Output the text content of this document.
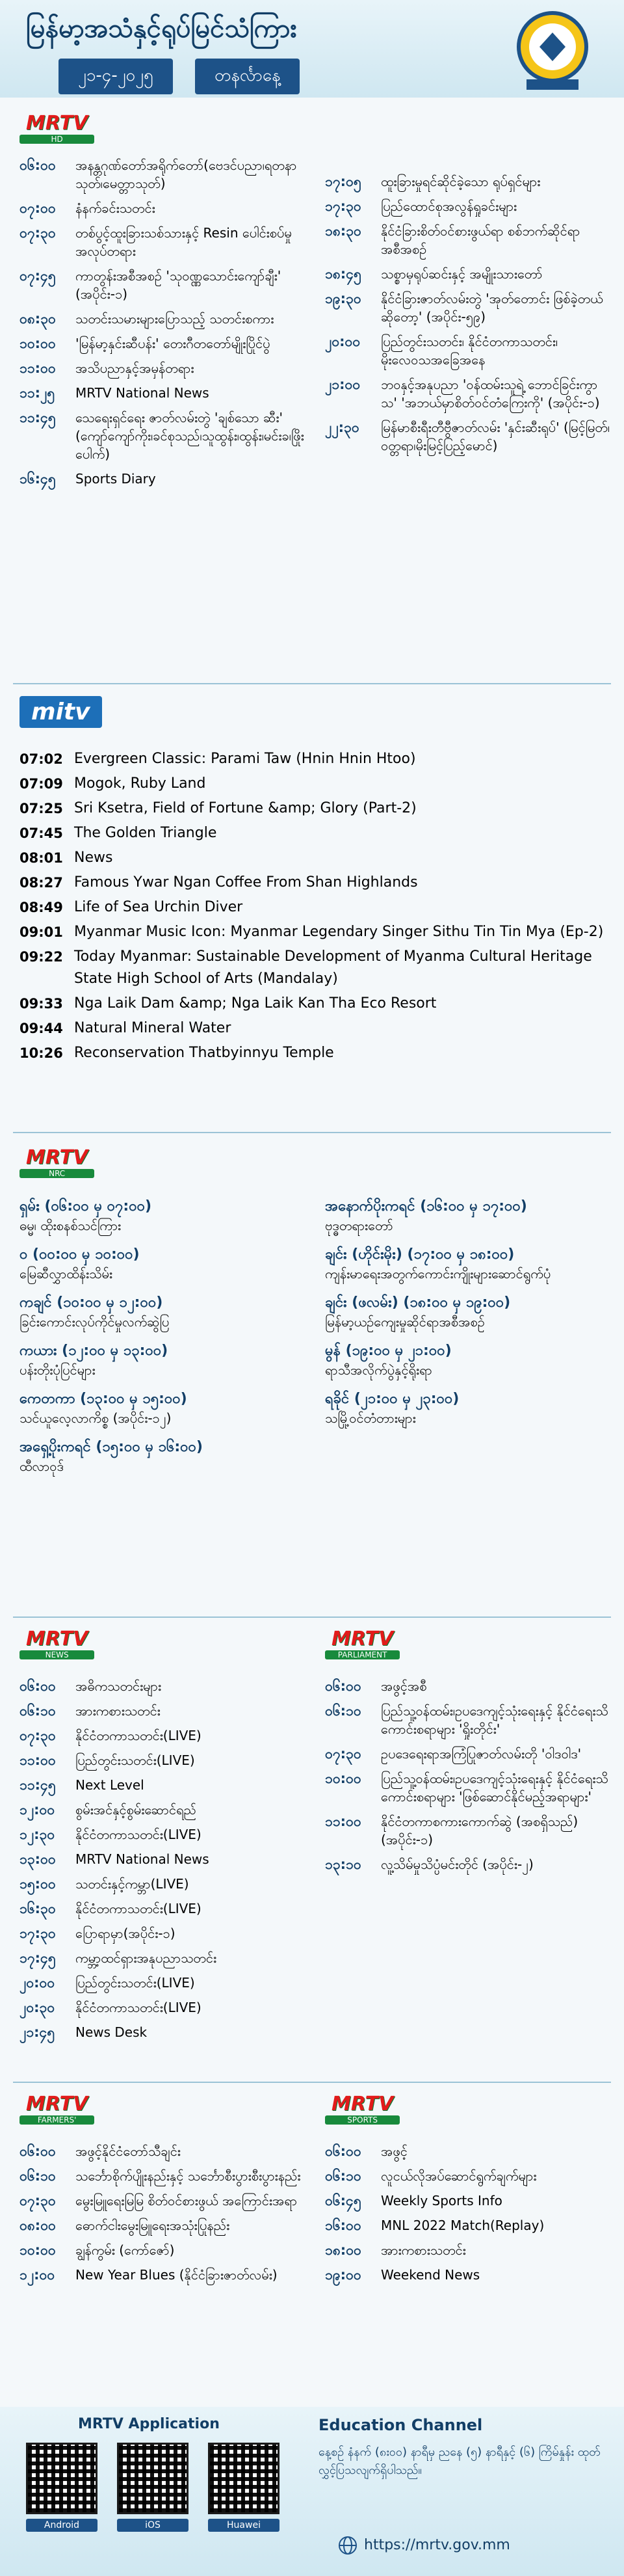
မြန်မာ့အသံနှင့်ရုပ်မြင်သံကြား
၂၁-၄-၂၀၂၅	တနင်္လာနေ့
MRTV
HD
၀၆:၀၀	အနန္တဂုဏ်တော်အရိုက်တော်(ဗေဒင်ပညာ၊ရတနာသုတ်၊မေတ္တာသုတ်)
၀၇:၀၀	နံနက်ခင်းသတင်း
၀၇:၃၀	တစ်ပွင့်ထူးခြားသစ်သားနှင့် Resin ပေါင်းစပ်မှုအလုပ်တရား
၀၇:၄၅	ကာတွန်းအစီအစဉ် 'သုဝဏ္ဏသောင်းကျော်ချီး' (အပိုင်း-၁)
၀၈:၃၀	သတင်းသမားများပြောသည့် သတင်းစကား
၁၀:၀၀	'မြန်မာ့နှင်းဆီပန်း' တေးဂီတတော်မျိုးပြိုင်ပွဲ
၁၁:၀၀	အသိပညာနှင့်အမှန်တရား
၁၁:၂၅	MRTV National News
၁၁:၄၅	သေရေးရှင်ရေး ဇာတ်လမ်းတွဲ 'ချစ်သော ဆီး' (ကျော်ကျော်ကိုး၊ခင်စုသည်၊သူထွန်း၊ထွန်း၊မင်းခ၊ဖြိုးပေါက်)
၁၆:၄၅	Sports Diary
၁၇:၀၅	ထူးခြားမှုရင်ဆိုင်ခဲ့သော ရုပ်ရှင်များ
၁၇:၃၀	ပြည်ထောင်စုအလွန်ရှုခင်းများ
၁၈:၃၀	နိုင်ငံခြားစိတ်ဝင်စားဖွယ်ရာ စစ်ဘက်ဆိုင်ရာ အစီအစဉ်
၁၈:၄၅	သစ္စာမှရုပ်ဆင်းနှင့် အမျိုးသားတော်
၁၉:၃၀	နိုင်ငံခြားဇာတ်လမ်းတွဲ 'အုတ်တောင်း ဖြစ်ခဲ့တယ်ဆိုတော့' (အပိုင်း-၅၉)
၂၀:၀၀	ပြည်တွင်းသတင်း၊ နိုင်ငံတကာသတင်း၊ မိုးလေဝသအခြေအနေ
၂၁:၀၀	ဘဝနှင့်အနုပညာ 'ဝန်ထမ်းသူရဲ့ ဘောင်ခြင်းကွာသ' 'အဘယ်မှာစိတ်ဝင်တံကြေးကို' (အပိုင်း-၁)
၂၂:၃၀	မြန်မာစီးရီးတီဗွီဇာတ်လမ်း 'နှင်းဆီးရုပ်' (မြင့်မြတ်၊ဝတ္တရာ၊မိုးမြင့်ပြည့်မောင်)
mitv
07:02 Evergreen Classic: Parami Taw (Hnin Hnin Htoo)
07:09 Mogok, Ruby Land
07:25 Sri Ksetra, Field of Fortune &amp; Glory (Part-2)
07:45 The Golden Triangle
08:01 News
08:27 Famous Ywar Ngan Coffee From Shan Highlands
08:49 Life of Sea Urchin Diver
09:01 Myanmar Music Icon: Myanmar Legendary Singer Sithu Tin Tin Mya (Ep-2)
09:22 Today Myanmar: Sustainable Development of Myanma Cultural Heritage State High School of Arts (Mandalay)
09:33 Nga Laik Dam &amp; Nga Laik Kan Tha Eco Resort
09:44 Natural Mineral Water
10:26 Reconservation Thatbyinnyu Temple
MRTV
NRC
ရှမ်း (၀၆:၀၀ မှ ၀၇:၀၀)
ဓမ္မ၊ ထိုးစနစ်သင်ကြား
ဝ (၀၀:၀၀ မှ ၁၀:၀၀)
မြေဆီလွှာထိန်းသိမ်း
ကချင် (၁၀:၀၀ မှ ၁၂:၀၀)
ခြင်းကောင်းလုပ်ကိုင်မှုလက်ဆွဲပြ
ကယား (၁၂:၀၀ မှ ၁၃:၀၀)
ပန်းတိုးပုံပြင်များ
ကေတကာ (၁၃:၀၀ မှ ၁၅:၀၀)
သင်ယူလေ့လာကိစ္စ (အပိုင်း-၁၂)
အရှေ့ပိုးကရင် (၁၅:၀၀ မှ ၁၆:၀၀)
ထီလာဝုဒ်
အနောက်ပိုးကရင် (၁၆:၀၀ မှ ၁၇:၀၀)
ဗုဒ္ဓတရားတော်
ချင်း (ဟိုင်းမိုး) (၁၇:၀၀ မှ ၁၈:၀၀)
ကျန်းမာရေးအတွက်ကောင်းကျိုးများဆောင်ရွက်ပုံ
ချင်း (ဖလမ်း) (၁၈:၀၀ မှ ၁၉:၀၀)
မြန်မာ့ယဉ်ကျေးမှုဆိုင်ရာအစီအစဉ်
မွန် (၁၉:၀၀ မှ ၂၁:၀၀)
ရာသီအလိုက်ပွဲနှင့်ရိုးရာ
ရခိုင် (၂၁:၀၀ မှ ၂၃:၀၀)
သမြို့ဝင်တံတားများ
MRTV
NEWS
MRTV
PARLIAMENT
၀၆:၀၀	အဓိကသတင်းများ
၀၆:၁၀	အားကစားသတင်း
၀၇:၃၀	နိုင်ငံတကာသတင်း(LIVE)
၁၁:၀၀	ပြည်တွင်းသတင်း(LIVE)
၁၁:၄၅	Next Level
၁၂:၀၀	စွမ်းအင်နှင့်စွမ်းဆောင်ရည်
၁၂:၃၀	နိုင်ငံတကာသတင်း(LIVE)
၁၃:၀၀	MRTV National News
၁၅:၀၀	သတင်းနှင့်ကမ္ဘာ(LIVE)
၁၆:၃၀	နိုင်ငံတကာသတင်း(LIVE)
၁၇:၃၀	ပြောရာမှာ(အပိုင်း-၁)
၁၇:၄၅	ကမ္ဘာ့ထင်ရှားအနုပညာသတင်း
၂၀:၀၀	ပြည်တွင်းသတင်း(LIVE)
၂၀:၃၀	နိုင်ငံတကာသတင်း(LIVE)
၂၁:၄၅	News Desk
၀၆:၀၀	အဖွင့်အစီ
၀၆:၁၀	ပြည်သူ့ဝန်ထမ်း၊ဥပဒေကျင့်သုံးရေးနှင့် နိုင်ငံရေးသိကောင်းစရာများ 'ရှိုးတိုင်း'
၀၇:၃၀	ဥပဒေရေးရာအကြံပြုဇာတ်လမ်းတို 'ဝါဒ၀ါဒ'
၁၀:၀၀	ပြည်သူ့ဝန်ထမ်း၊ဥပဒေကျင့်သုံးရေးနှင့် နိုင်ငံရေးသိကောင်းစရာများ 'ဖြစ်ဆောင်နိုင်မည့်အရာများ'
၁၁:၀၀	နိုင်ငံတကာစကားကောက်ဆွဲ (အစရှိသည်) (အပိုင်း-၁)
၁၃:၁၀	လူ့သိမ်မှုသိပ္ပံမင်းတိုင် (အပိုင်း-၂)
MRTV
FARMERS'
MRTV
SPORTS
၀၆:၀၀	အဖွင့်နိုင်ငံတော်သီချင်း
၀၆:၁၀	သင်္ဘောစိုက်ပျိုးနည်းနှင့် သင်္ဘောစီးပွားစီးပွားနည်း
၀၇:၃၀	မွေးမြူရေးမြမြ စိတ်ဝင်စားဖွယ် အကြောင်းအရာ
၀၈:၀၀	ဓောက်ငါးမွေးမြူရေးအသုံးပြုနည်း
၁၀:၀၀	ချွန်ကွမ်း (ကော်ဇော်)
၁၂:၀၀	New Year Blues (နိုင်ငံခြားဇာတ်လမ်း)
၀၆:၀၀	အဖွင့်
၀၆:၁၀	လူငယ်လိုအပ်ဆောင်ရွက်ချက်များ
၀၆:၄၅	Weekly Sports Info
၁၆:၀၀	MNL 2022 Match(Replay)
၁၈:၀၀	အားကစားသတင်း
၁၉:၀၀	Weekend News
MRTV Application
Android	iOS	Huawei
Education Channel
နေ့စဉ် နံနက် (၈း၀၀) နာရီမှ ညနေ (၅) နာရီနှင့် (၆) ကြိမ်နှုန်း ထုတ်လွှင့်ပြသလျက်ရှိပါသည်။
https://mrtv.gov.mm
